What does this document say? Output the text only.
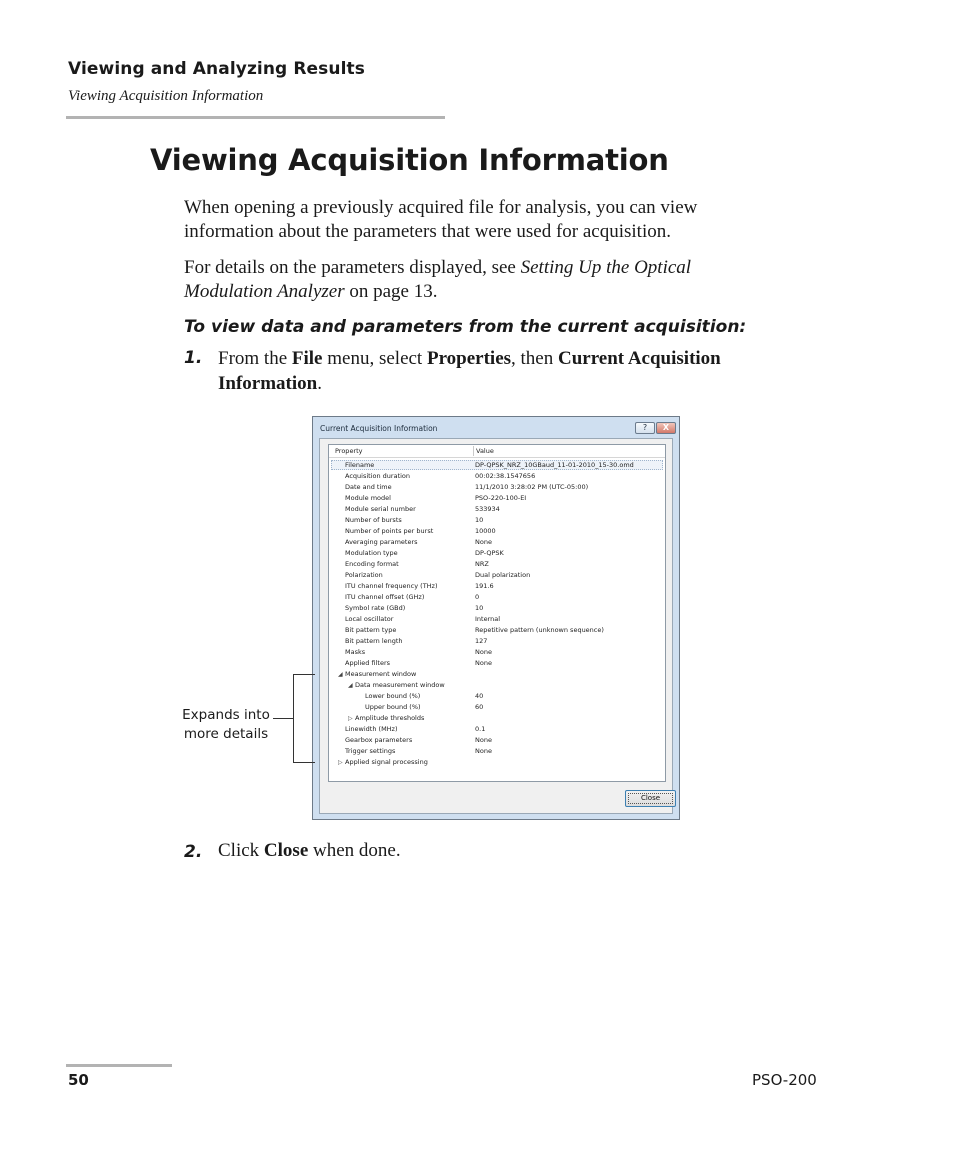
Viewing and Analyzing Results
Viewing Acquisition Information
Viewing Acquisition Information
When opening a previously acquired file for analysis, you can view information about the parameters that were used for acquisition.
For details on the parameters displayed, see Setting Up the Optical Modulation Analyzer on page 13.
To view data and parameters from the current acquisition:
1. From the File menu, select Properties, then Current Acquisition Information.
Current Acquisition Information	?	X
Property	Value
Filename	DP-QPSK_NRZ_10GBaud_11-01-2010_15-30.omd
Acquisition duration	00:02:38.1547656
Date and time	11/1/2010 3:28:02 PM (UTC-05:00)
Module model	PSO-220-100-EI
Module serial number	533934
Number of bursts	10
Number of points per burst	10000
Averaging parameters	None
Modulation type	DP-QPSK
Encoding format	NRZ
Polarization	Dual polarization
ITU channel frequency (THz)	191.6
ITU channel offset (GHz)	0
Symbol rate (GBd)	10
Local oscillator	Internal
Bit pattern type	Repetitive pattern (unknown sequence)
Bit pattern length	127
Masks	None
Applied filters	None
◢ Measurement window
◢ Data measurement window
Lower bound (%)	40
Upper bound (%)	60
▷ Amplitude thresholds
Linewidth (MHz)	0.1
Gearbox parameters	None
Trigger settings	None
▷ Applied signal processing
Close
Expands into more details
2. Click Close when done.
50	PSO-200
